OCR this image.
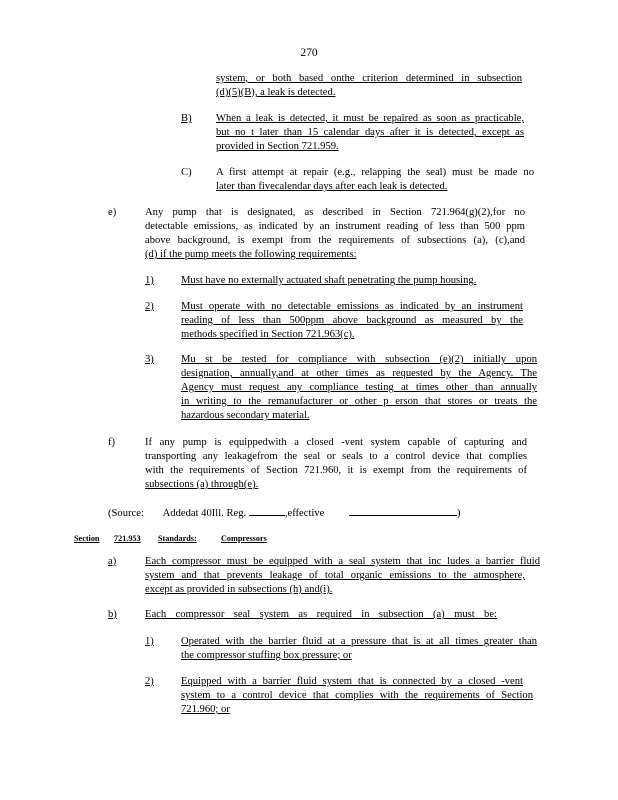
270
system, or both based onthe criterion determined in subsection
(d)(5)(B), a leak is detected.
B) When a leak is detected, it must be repaired as soon as practicable,
but no t later than 15 calendar days after it is detected, except as
provided in Section 721.959.
C) A first attempt at repair (e.g., relapping the seal) must be made no
later than fivecalendar days after each leak is detected.
e)	Any pump that is designated, as described in Section 721.964(g)(2),for no
detectable emissions, as indicated by an instrument reading of less than 500 ppm
above background, is exempt from the requirements of subsections (a), (c),and
(d) if the pump meets the following requirements:
1)	Must have no externally actuated shaft penetrating the pump housing.
2)	Must operate with no detectable emissions as indicated by an instrument
reading of less than 500ppm above background as measured by the
methods specified in Section 721.963(c).
3)	Mu st be tested for compliance with subsection (e)(2) initially upon
designation, annually,and at other times as requested by the Agency. The
Agency must request any compliance testing at times other than annually
in writing to the remanufacturer or other p erson that stores or treats the
hazardous secondary material.
f)	If any pump is equippedwith a closed -vent system capable of capturing and
transporting any leakagefrom the seal or seals to a control device that complies
with the requirements of Section 721.960, it is exempt from the requirements of
subsections (a) through(e).
(Source: Addedat 40Ill. Reg.	,effective	)
Section 721.953 Standards:	Compressors
a)	Each compressor must be equipped with a seal system that inc ludes a barrier fluid
system and that prevents leakage of total organic emissions to the atmosphere,
except as provided in subsections (h) and(i).
b)	Each compressor seal system as required in subsection (a) must be:
1)	Operated with the barrier fluid at a pressure that is at all times greater than
the compressor stuffing box pressure; or
2)	Equipped with a barrier fluid system that is connected by a closed -vent
system to a control device that complies with the requirements of Section
721.960; or
